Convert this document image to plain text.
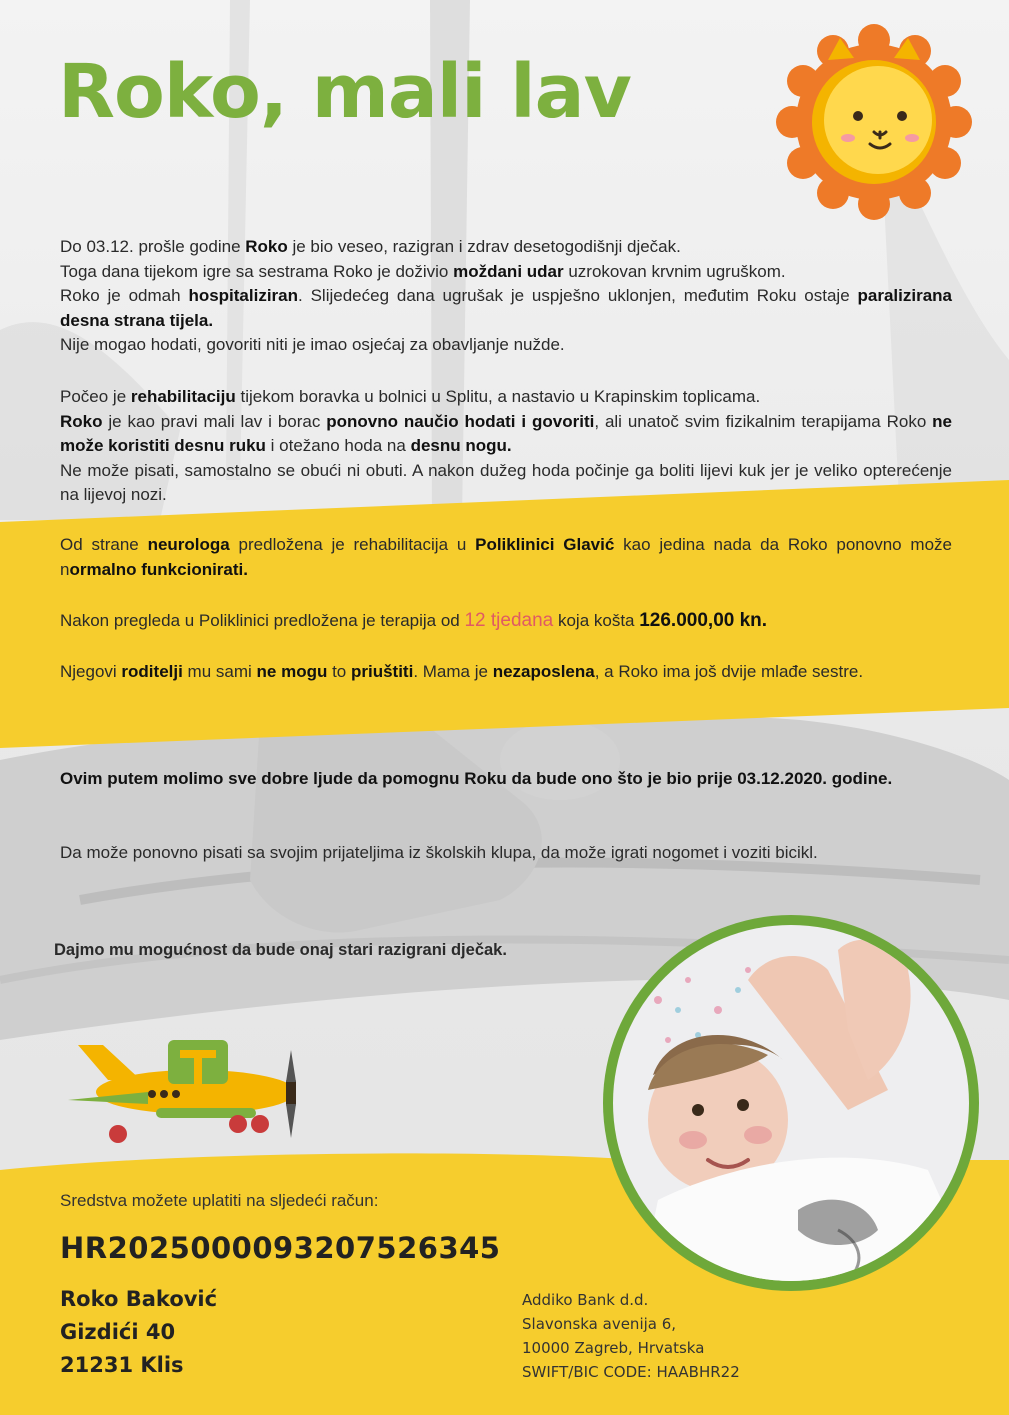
Roko, mali lav

Do 03.12. prošle godine Roko je bio veseo, razigran i zdrav desetogodišnji dječak.

Toga dana tijekom igre sa sestrama Roko je doživio moždani udar uzrokovan krvnim ugruškom.

Roko je odmah hospitaliziran. Slijedećeg dana ugrušak je uspješno uklonjen, međutim Roku ostaje paralizirana desna strana tijela.

Nije mogao hodati, govoriti niti je imao osjećaj za obavljanje nužde.

Počeo je rehabilitaciju tijekom boravka u bolnici u Splitu, a nastavio u Krapinskim toplicama.

Roko je kao pravi mali lav i borac ponovno naučio hodati i govoriti, ali unatoč svim fizikalnim terapijama Roko ne može koristiti desnu ruku i otežano hoda na desnu nogu.

Ne može pisati, samostalno se obući ni obuti. A nakon dužeg hoda počinje ga boliti lijevi kuk jer je veliko opterećenje na lijevoj nozi.

Od strane neurologa predložena je rehabilitacija u Poliklinici Glavić kao jedina nada da Roko ponovno može normalno funkcionirati.

Nakon pregleda u Poliklinici predložena je terapija od 12 tjedana koja košta 126.000,00 kn.

Njegovi roditelji mu sami ne mogu to priuštiti. Mama je nezaposlena, a Roko ima još dvije mlađe sestre.

Ovim putem molimo sve dobre ljude da pomognu Roku da bude ono što je bio prije 03.12.2020. godine.

Da može ponovno pisati sa svojim prijateljima iz školskih klupa, da može igrati nogomet i voziti bicikl.

Dajmo mu mogućnost da bude onaj stari razigrani dječak.

Sredstva možete uplatiti na sljedeći račun:
HR2025000093207526345
Roko Baković
Gizdići 40
21231 Klis
Addiko Bank d.d.
Slavonska avenija 6,
10000 Zagreb, Hrvatska
SWIFT/BIC CODE: HAABHR22
